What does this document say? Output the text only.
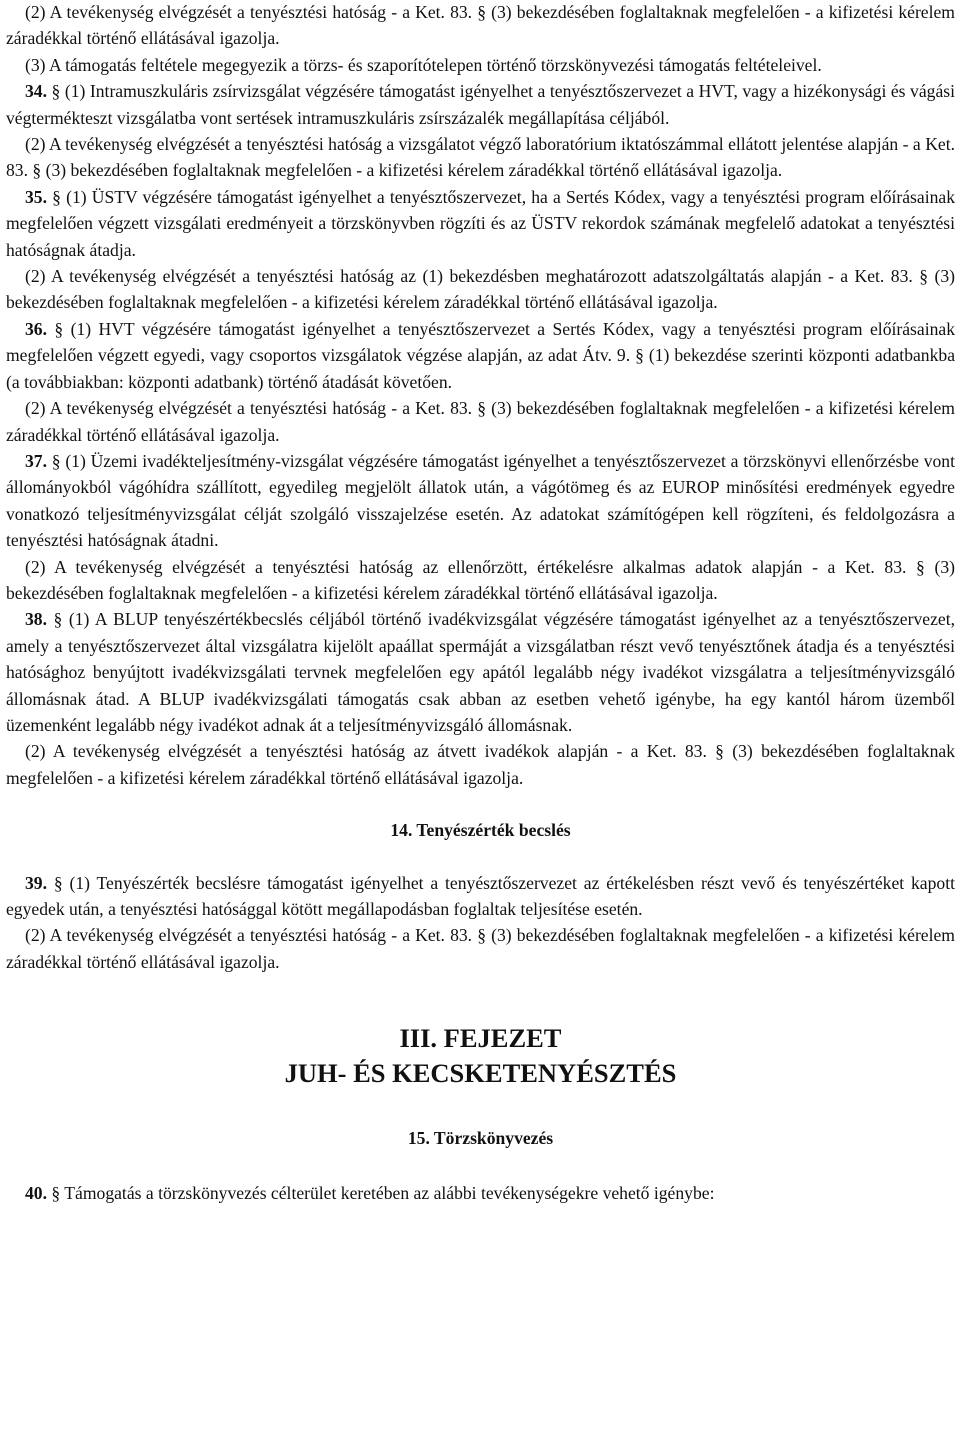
(2) A tevékenység elvégzését a tenyésztési hatóság - a Ket. 83. § (3) bekezdésében foglaltaknak megfelelően - a kifizetési kérelem záradékkal történő ellátásával igazolja.

(3) A támogatás feltétele megegyezik a törzs- és szaporítótelepen történő törzskönyvezési támogatás feltételeivel.

34. § (1) Intramuszkuláris zsírvizsgálat végzésére támogatást igényelhet a tenyésztőszervezet a HVT, vagy a hizékonysági és vágási végtermékteszt vizsgálatba vont sertések intramuszkuláris zsírszázalék megállapítása céljából.

(2) A tevékenység elvégzését a tenyésztési hatóság a vizsgálatot végző laboratórium iktatószámmal ellátott jelentése alapján - a Ket. 83. § (3) bekezdésében foglaltaknak megfelelően - a kifizetési kérelem záradékkal történő ellátásával igazolja.

35. § (1) ÜSTV végzésére támogatást igényelhet a tenyésztőszervezet, ha a Sertés Kódex, vagy a tenyésztési program előírásainak megfelelően végzett vizsgálati eredményeit a törzskönyvben rögzíti és az ÜSTV rekordok számának megfelelő adatokat a tenyésztési hatóságnak átadja.

(2) A tevékenység elvégzését a tenyésztési hatóság az (1) bekezdésben meghatározott adatszolgáltatás alapján - a Ket. 83. § (3) bekezdésében foglaltaknak megfelelően - a kifizetési kérelem záradékkal történő ellátásával igazolja.

36. § (1) HVT végzésére támogatást igényelhet a tenyésztőszervezet a Sertés Kódex, vagy a tenyésztési program előírásainak megfelelően végzett egyedi, vagy csoportos vizsgálatok végzése alapján, az adat Átv. 9. § (1) bekezdése szerinti központi adatbankba (a továbbiakban: központi adatbank) történő átadását követően.

(2) A tevékenység elvégzését a tenyésztési hatóság - a Ket. 83. § (3) bekezdésében foglaltaknak megfelelően - a kifizetési kérelem záradékkal történő ellátásával igazolja.

37. § (1) Üzemi ivadékteljesítmény-vizsgálat végzésére támogatást igényelhet a tenyésztőszervezet a törzskönyvi ellenőrzésbe vont állományokból vágóhídra szállított, egyedileg megjelölt állatok után, a vágótömeg és az EUROP minősítési eredmények egyedre vonatkozó teljesítményvizsgálat célját szolgáló visszajelzése esetén. Az adatokat számítógépen kell rögzíteni, és feldolgozásra a tenyésztési hatóságnak átadni.

(2) A tevékenység elvégzését a tenyésztési hatóság az ellenőrzött, értékelésre alkalmas adatok alapján - a Ket. 83. § (3) bekezdésében foglaltaknak megfelelően - a kifizetési kérelem záradékkal történő ellátásával igazolja.

38. § (1) A BLUP tenyészértékbecslés céljából történő ivadékvizsgálat végzésére támogatást igényelhet az a tenyésztőszervezet, amely a tenyésztőszervezet által vizsgálatra kijelölt apaállat spermáját a vizsgálatban részt vevő tenyésztőnek átadja és a tenyésztési hatósághoz benyújtott ivadékvizsgálati tervnek megfelelően egy apától legalább négy ivadékot vizsgálatra a teljesítményvizsgáló állomásnak átad. A BLUP ivadékvizsgálati támogatás csak abban az esetben vehető igénybe, ha egy kantól három üzemből üzemenként legalább négy ivadékot adnak át a teljesítményvizsgáló állomásnak.

(2) A tevékenység elvégzését a tenyésztési hatóság az átvett ivadékok alapján - a Ket. 83. § (3) bekezdésében foglaltaknak megfelelően - a kifizetési kérelem záradékkal történő ellátásával igazolja.

14. Tenyészérték becslés

39. § (1) Tenyészérték becslésre támogatást igényelhet a tenyésztőszervezet az értékelésben részt vevő és tenyészértéket kapott egyedek után, a tenyésztési hatósággal kötött megállapodásban foglaltak teljesítése esetén.

(2) A tevékenység elvégzését a tenyésztési hatóság - a Ket. 83. § (3) bekezdésében foglaltaknak megfelelően - a kifizetési kérelem záradékkal történő ellátásával igazolja.

III. FEJEZET
JUH- ÉS KECSKETENYÉSZTÉS
15. Törzskönyvezés

40. § Támogatás a törzskönyvezés célterület keretében az alábbi tevékenységekre vehető igénybe:
